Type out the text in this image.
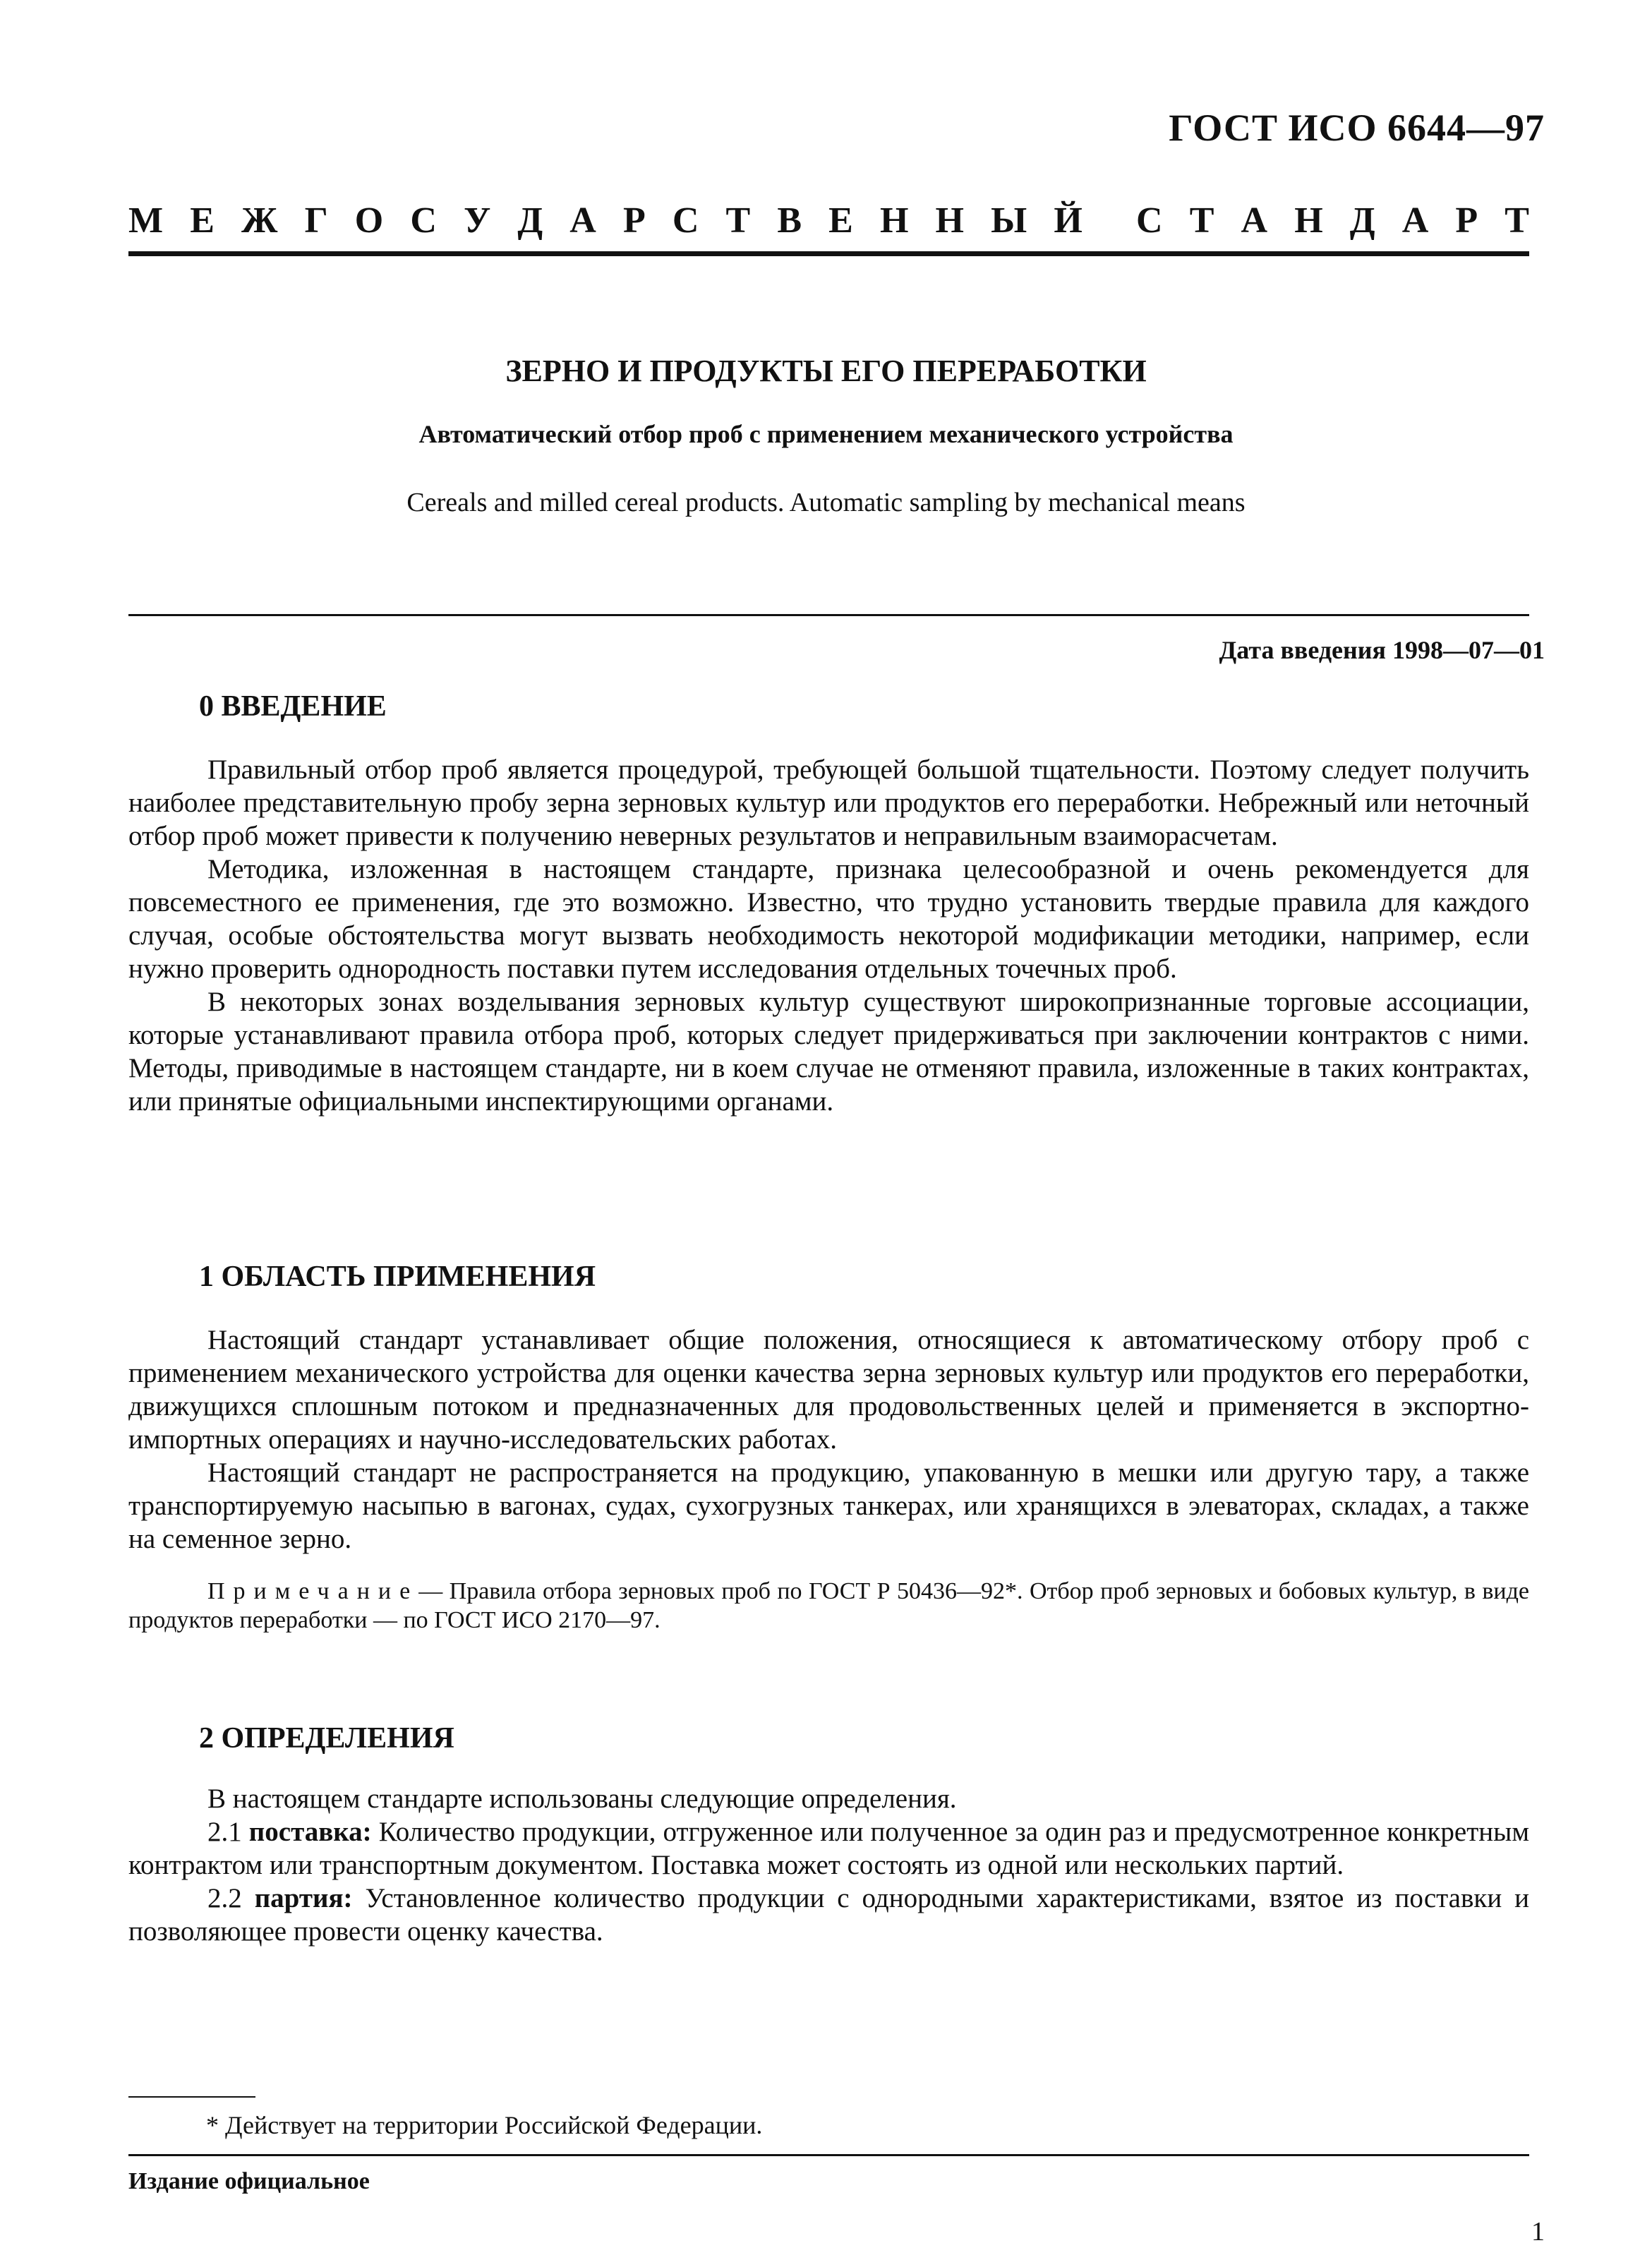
ГОСТ ИСО 6644—97
М Е Ж Г О С У Д А Р С Т В Е Н Н Ы Й С Т А Н Д А Р Т
ЗЕРНО И ПРОДУКТЫ ЕГО ПЕРЕРАБОТКИ
Автоматический отбор проб с применением механического устройства
Cereals and milled cereal products. Automatic sampling by mechanical means
Дата введения 1998—07—01
0 ВВЕДЕНИЕ

Правильный отбор проб является процедурой, требующей большой тщательности. Поэтому следует получить наиболее представительную пробу зерна зерновых культур или продуктов его переработки. Небрежный или неточный отбор проб может привести к получению неверных результатов и неправильным взаиморасчетам.

Методика, изложенная в настоящем стандарте, признака целесообразной и очень рекомендуется для повсеместного ее применения, где это возможно. Известно, что трудно установить твердые правила для каждого случая, особые обстоятельства могут вызвать необходимость некоторой модификации методики, например, если нужно проверить однородность поставки путем исследования отдельных точечных проб.

В некоторых зонах возделывания зерновых культур существуют широкопризнанные торговые ассоциации, которые устанавливают правила отбора проб, которых следует придерживаться при заключении контрактов с ними. Методы, приводимые в настоящем стандарте, ни в коем случае не отменяют правила, изложенные в таких контрактах, или принятые официальными инспектирующими органами.

1 ОБЛАСТЬ ПРИМЕНЕНИЯ

Настоящий стандарт устанавливает общие положения, относящиеся к автоматическому отбору проб с применением механического устройства для оценки качества зерна зерновых культур или продуктов его переработки, движущихся сплошным потоком и предназначенных для продовольственных целей и применяется в экспортно-импортных операциях и научно-исследовательских работах.

Настоящий стандарт не распространяется на продукцию, упакованную в мешки или другую тару, а также транспортируемую насыпью в вагонах, судах, сухогрузных танкерах, или хранящихся в элеваторах, складах, а также на семенное зерно.

Примечание— Правила отбора зерновых проб по ГОСТ Р 50436—92*. Отбор проб зерновых и бобовых культур, в виде продуктов переработки — по ГОСТ ИСО 2170—97.

2 ОПРЕДЕЛЕНИЯ

В настоящем стандарте использованы следующие определения.

2.1 поставка: Количество продукции, отгруженное или полученное за один раз и предусмотренное конкретным контрактом или транспортным документом. Поставка может состоять из одной или нескольких партий.

2.2 партия: Установленное количество продукции с однородными характеристиками, взятое из поставки и позволяющее провести оценку качества.

* Действует на территории Российской Федерации.
Издание официальное
1
